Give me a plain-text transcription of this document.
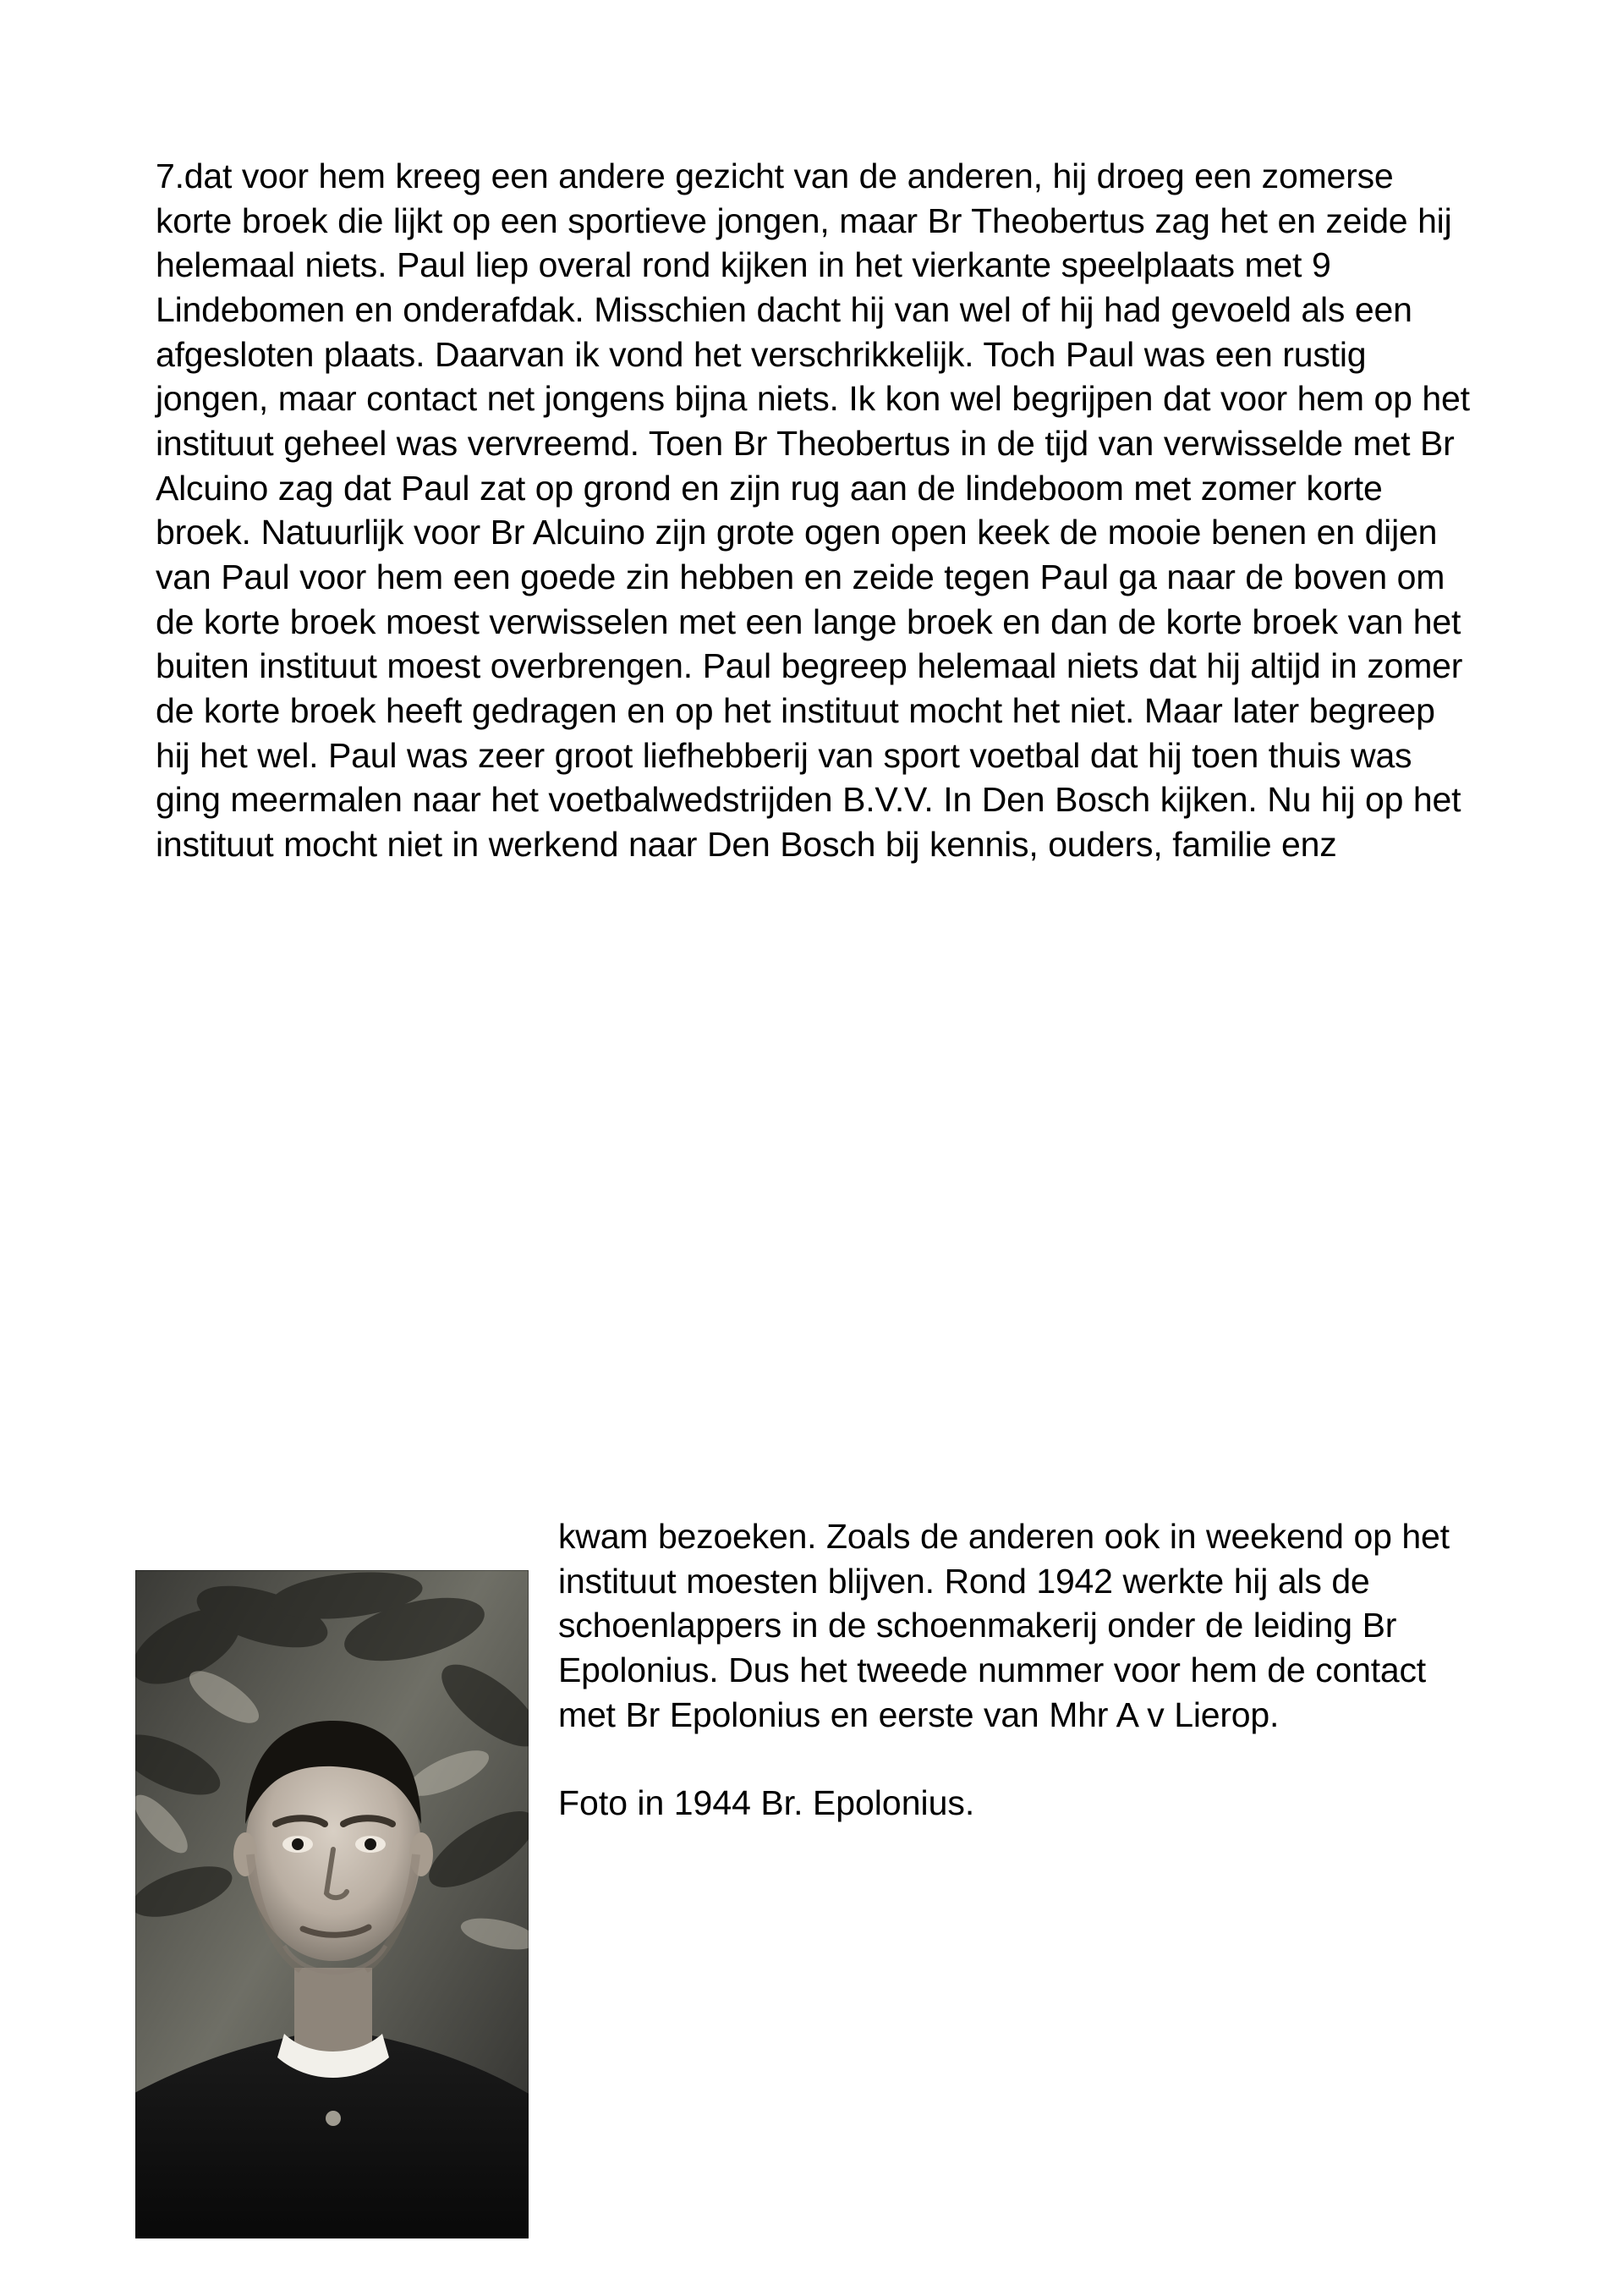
7.dat voor hem kreeg een andere gezicht van de anderen, hij droeg een zomerse korte broek die lijkt op een sportieve jongen, maar Br Theobertus zag het en zeide hij helemaal niets. Paul liep overal rond kijken in het vierkante speelplaats met 9 Lindebomen en onderafdak. Misschien dacht hij van wel of hij had gevoeld als een afgesloten plaats. Daarvan ik vond het verschrikkelijk. Toch Paul was een rustig jongen, maar contact net jongens bijna niets. Ik kon wel begrijpen dat voor hem op het instituut geheel was vervreemd. Toen Br Theobertus in de tijd van verwisselde met Br Alcuino zag dat Paul zat op grond en zijn rug aan de lindeboom met zomer korte broek. Natuurlijk voor Br Alcuino zijn grote ogen open keek de mooie benen en dijen van Paul voor hem een goede zin hebben en zeide tegen Paul ga naar de boven om de korte broek moest verwisselen met een lange broek en dan de korte broek van het buiten instituut moest overbrengen. Paul begreep helemaal niets dat hij altijd in zomer de korte broek heeft gedragen en op het instituut mocht het niet. Maar later begreep hij het wel. Paul was zeer groot liefhebberij van sport voetbal dat hij toen thuis was ging meermalen naar het voetbalwedstrijden B.V.V. In Den Bosch kijken. Nu hij op het instituut mocht niet in werkend naar Den Bosch bij kennis, ouders, familie enz

kwam bezoeken. Zoals de anderen ook in weekend op het instituut moesten blijven. Rond 1942 werkte hij als de schoenlappers in de schoenmakerij onder de leiding Br Epolonius. Dus het tweede nummer voor hem de contact met Br Epolonius en eerste van Mhr A v Lierop.

Foto in 1944 Br. Epolonius.
